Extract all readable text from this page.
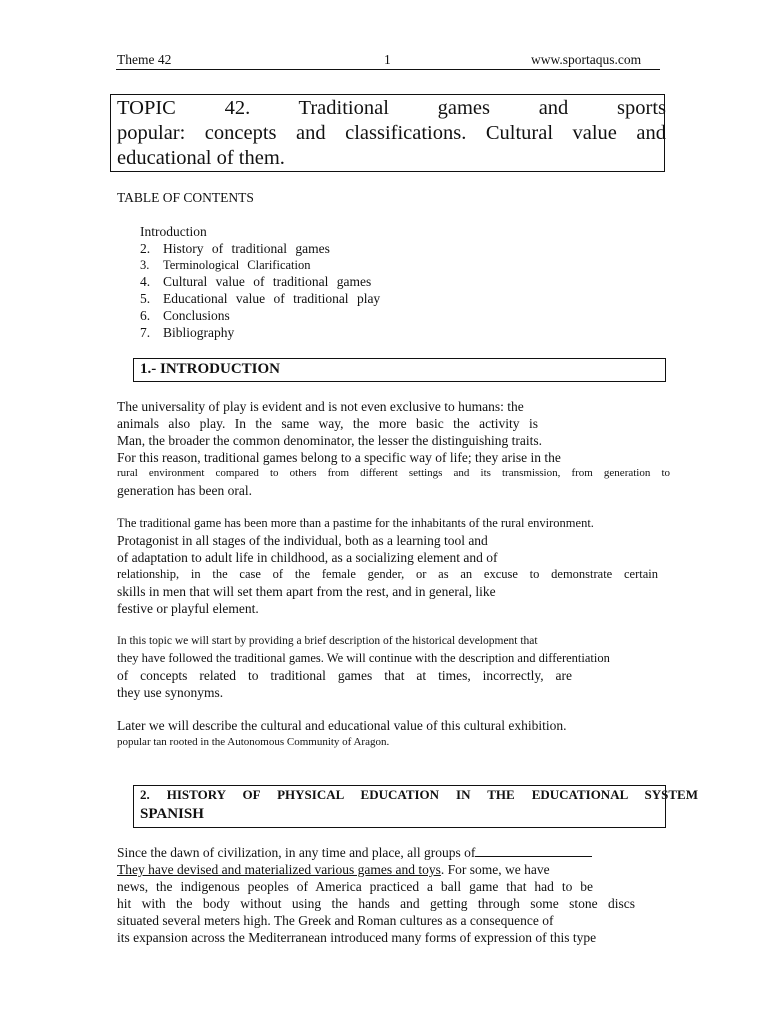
Theme 42	1	www.sportaqus.com
TOPIC 42. Traditional games and sports
popular: concepts and classifications. Cultural value and
educational of them.
TABLE OF CONTENTS
Introduction
2. History of traditional games
3. Terminological Clarification
4. Cultural value of traditional games
5. Educational value of traditional play
6. Conclusions
7. Bibliography
1.- INTRODUCTION
The universality of play is evident and is not even exclusive to humans: the
animals also play. In the same way, the more basic the activity is
Man, the broader the common denominator, the lesser the distinguishing traits.
For this reason, traditional games belong to a specific way of life; they arise in the
rural environment compared to others from different settings and its transmission, from generation to
generation has been oral.
The traditional game has been more than a pastime for the inhabitants of the rural environment.
Protagonist in all stages of the individual, both as a learning tool and
of adaptation to adult life in childhood, as a socializing element and of
relationship, in the case of the female gender, or as an excuse to demonstrate certain
skills in men that will set them apart from the rest, and in general, like
festive or playful element.
In this topic we will start by providing a brief description of the historical development that
they have followed the traditional games. We will continue with the description and differentiation
of concepts related to traditional games that at times, incorrectly, are
they use synonyms.
Later we will describe the cultural and educational value of this cultural exhibition.
popular tan rooted in the Autonomous Community of Aragon.
2. HISTORY OF PHYSICAL EDUCATION IN THE EDUCATIONAL SYSTEM
SPANISH
Since the dawn of civilization, in any time and place, all groups of
They have devised and materialized various games and toys. For some, we have
news, the indigenous peoples of America practiced a ball game that had to be
hit with the body without using the hands and getting through some stone discs
situated several meters high. The Greek and Roman cultures as a consequence of
its expansion across the Mediterranean introduced many forms of expression of this type
